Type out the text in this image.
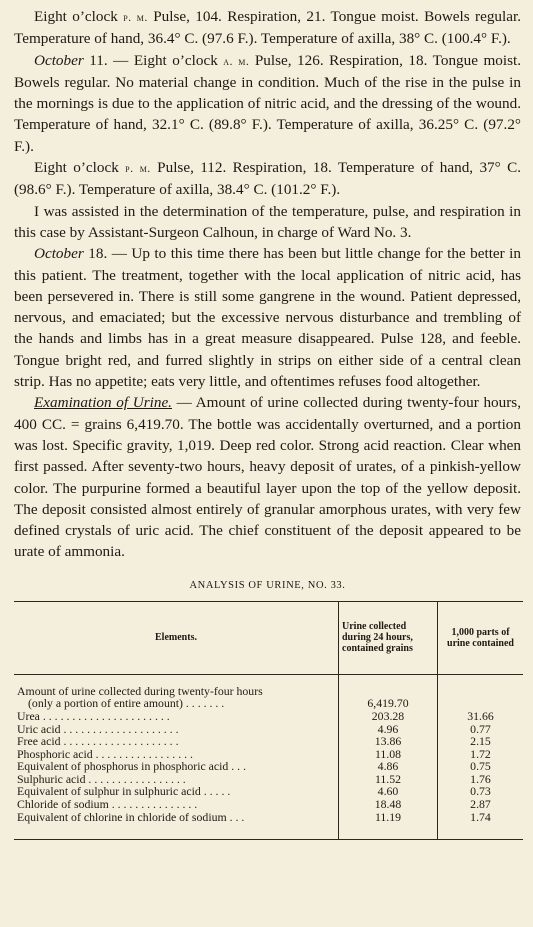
Eight o’clock p. m. Pulse, 104. Respiration, 21. Tongue moist. Bowels regular. Temperature of hand, 36.4° C. (97.6 F.). Temperature of axilla, 38° C. (100.4° F.).

October 11. — Eight o’clock a. m. Pulse, 126. Respiration, 18. Tongue moist. Bowels regular. No material change in condition. Much of the rise in the pulse in the mornings is due to the application of nitric acid, and the dressing of the wound. Temperature of hand, 32.1° C. (89.8° F.). Temperature of axilla, 36.25° C. (97.2° F.).

Eight o’clock p. m. Pulse, 112. Respiration, 18. Temperature of hand, 37° C. (98.6° F.). Temperature of axilla, 38.4° C. (101.2° F.).

I was assisted in the determination of the temperature, pulse, and respiration in this case by Assistant-Surgeon Calhoun, in charge of Ward No. 3.

October 18. — Up to this time there has been but little change for the better in this patient. The treatment, together with the local application of nitric acid, has been persevered in. There is still some gangrene in the wound. Patient depressed, nervous, and emaciated; but the excessive nervous disturbance and trembling of the hands and limbs has in a great measure disappeared. Pulse 128, and feeble. Tongue bright red, and furred slightly in strips on either side of a central clean strip. Has no appetite; eats very little, and oftentimes refuses food altogether.

Examination of Urine. — Amount of urine collected during twenty-four hours, 400 CC. = grains 6,419.70. The bottle was accidentally overturned, and a portion was lost. Specific gravity, 1,019. Deep red color. Strong acid reaction. Clear when first passed. After seventy-two hours, heavy deposit of urates, of a pinkish-yellow color. The purpurine formed a beautiful layer upon the top of the yellow deposit. The deposit consisted almost entirely of granular amorphous urates, with very few defined crystals of uric acid. The chief constituent of the deposit appeared to be urate of ammonia.

ANALYSIS OF URINE, NO. 33.
Elements.	Urine collected during 24 hours, contained grains	1,000 parts of urine contained

Amount of urine collected during twenty-four hours		
(only a portion of entire amount) . . . . . . .	6,419.70	
Urea . . . . . . . . . . . . . . . . . . . . . .	203.28	31.66
Uric acid . . . . . . . . . . . . . . . . . . . .	4.96	0.77
Free acid . . . . . . . . . . . . . . . . . . . .	13.86	2.15
Phosphoric acid . . . . . . . . . . . . . . . . .	11.08	1.72
Equivalent of phosphorus in phosphoric acid . . .	4.86	0.75
Sulphuric acid . . . . . . . . . . . . . . . . .	11.52	1.76
Equivalent of sulphur in sulphuric acid . . . . .	4.60	0.73
Chloride of sodium . . . . . . . . . . . . . . .	18.48	2.87
Equivalent of chlorine in chloride of sodium . . .	11.19	1.74
